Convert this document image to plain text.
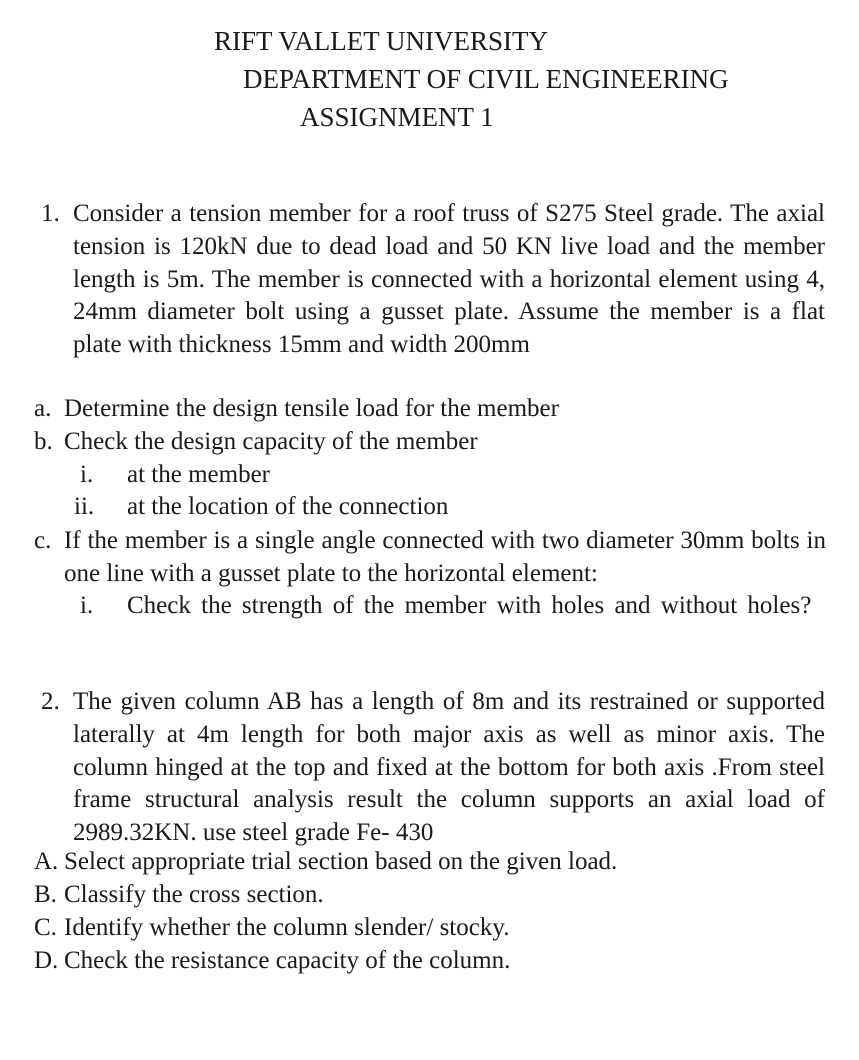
RIFT VALLET UNIVERSITY
DEPARTMENT OF CIVIL ENGINEERING
ASSIGNMENT 1
1. Consider a tension member for a roof truss of S275 Steel grade. The axial tension is 120kN due to dead load and 50 KN live load and the member length is 5m. The member is connected with a horizontal element using 4, 24mm diameter bolt using a gusset plate. Assume the member is a flat plate with thickness 15mm and width 200mm
a. Determine the design tensile load for the member
b. Check the design capacity of the member
i. at the member
ii. at the location of the connection
c. If the member is a single angle connected with two diameter 30mm bolts in one line with a gusset plate to the horizontal element:
i. Check the strength of the member with holes and without holes?
2. The given column AB has a length of 8m and its restrained or supported laterally at 4m length for both major axis as well as minor axis. The column hinged at the top and fixed at the bottom for both axis .From steel frame structural analysis result the column supports an axial load of 2989.32KN. use steel grade Fe- 430
A. Select appropriate trial section based on the given load.
B. Classify the cross section.
C. Identify whether the column slender/ stocky.
D. Check the resistance capacity of the column.
